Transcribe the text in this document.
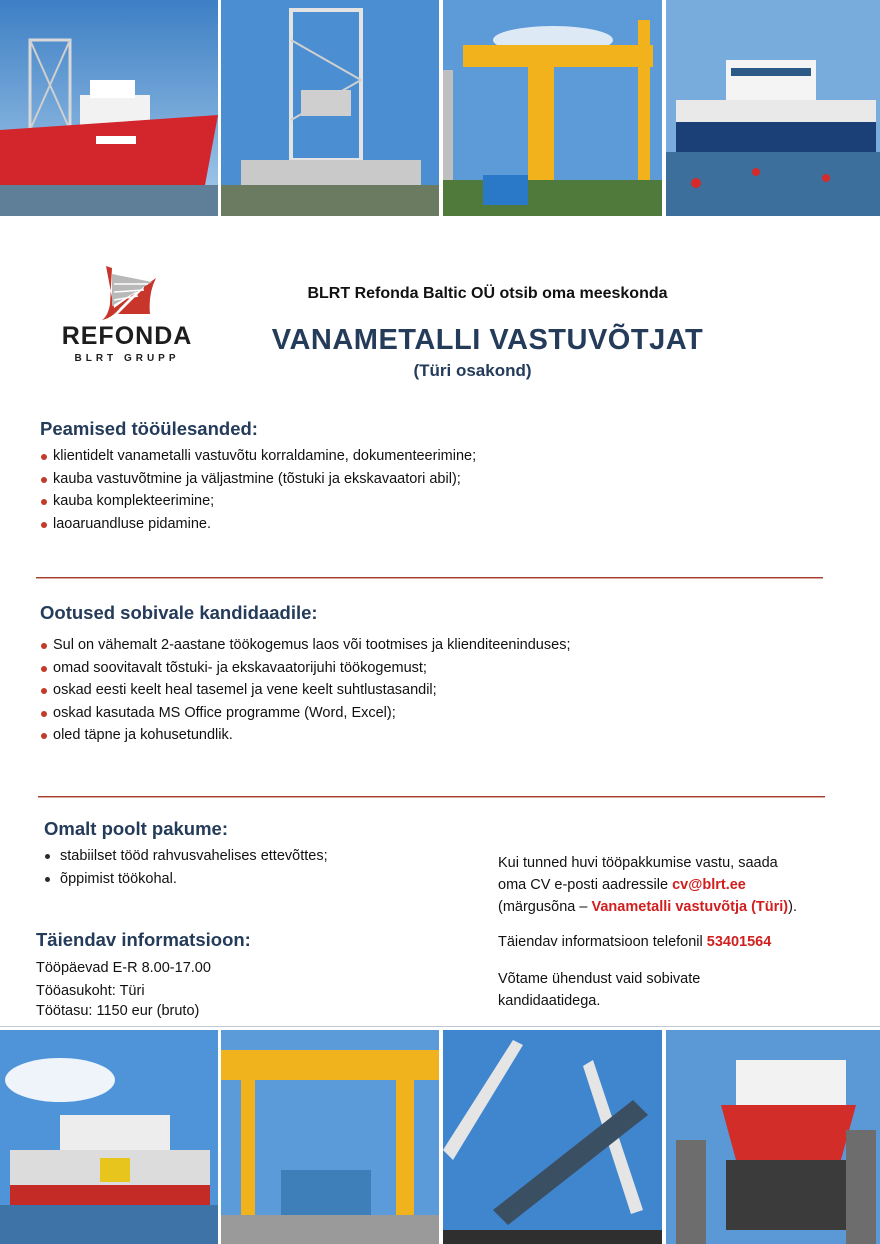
REFONDA
BLRT GRUPP
BLRT Refonda Baltic OÜ otsib oma meeskonda
VANAMETALLI VASTUVÕTJAT
(Türi osakond)
Peamised tööülesanded:
klientidelt vanametalli vastuvõtu korraldamine, dokumenteerimine;
kauba vastuvõtmine ja väljastmine (tõstuki ja ekskavaatori abil);
kauba komplekteerimine;
laoaruandluse pidamine.
Ootused sobivale kandidaadile:
Sul on vähemalt 2-aastane töökogemus laos või tootmises ja klienditeeninduses;
omad soovitavalt tõstuki- ja ekskavaatorijuhi töökogemust;
oskad eesti keelt heal tasemel ja vene keelt suhtlustasandil;
oskad kasutada MS Office programme (Word, Excel);
oled täpne ja kohusetundlik.
Omalt poolt pakume:
stabiilset tööd rahvusvahelises ettevõttes;
õppimist töökohal.
Täiendav informatsioon:
Tööpäevad E-R 8.00-17.00
Tööasukoht: Türi
Töötasu: 1150 eur (bruto)
Kui tunned huvi tööpakkumise vastu, saada
oma CV e-posti aadressile cv@blrt.ee
(märgusõna – Vanametalli vastuvõtja (Türi)).
Täiendav informatsioon telefonil 53401564
Võtame ühendust vaid sobivate
kandidaatidega.
